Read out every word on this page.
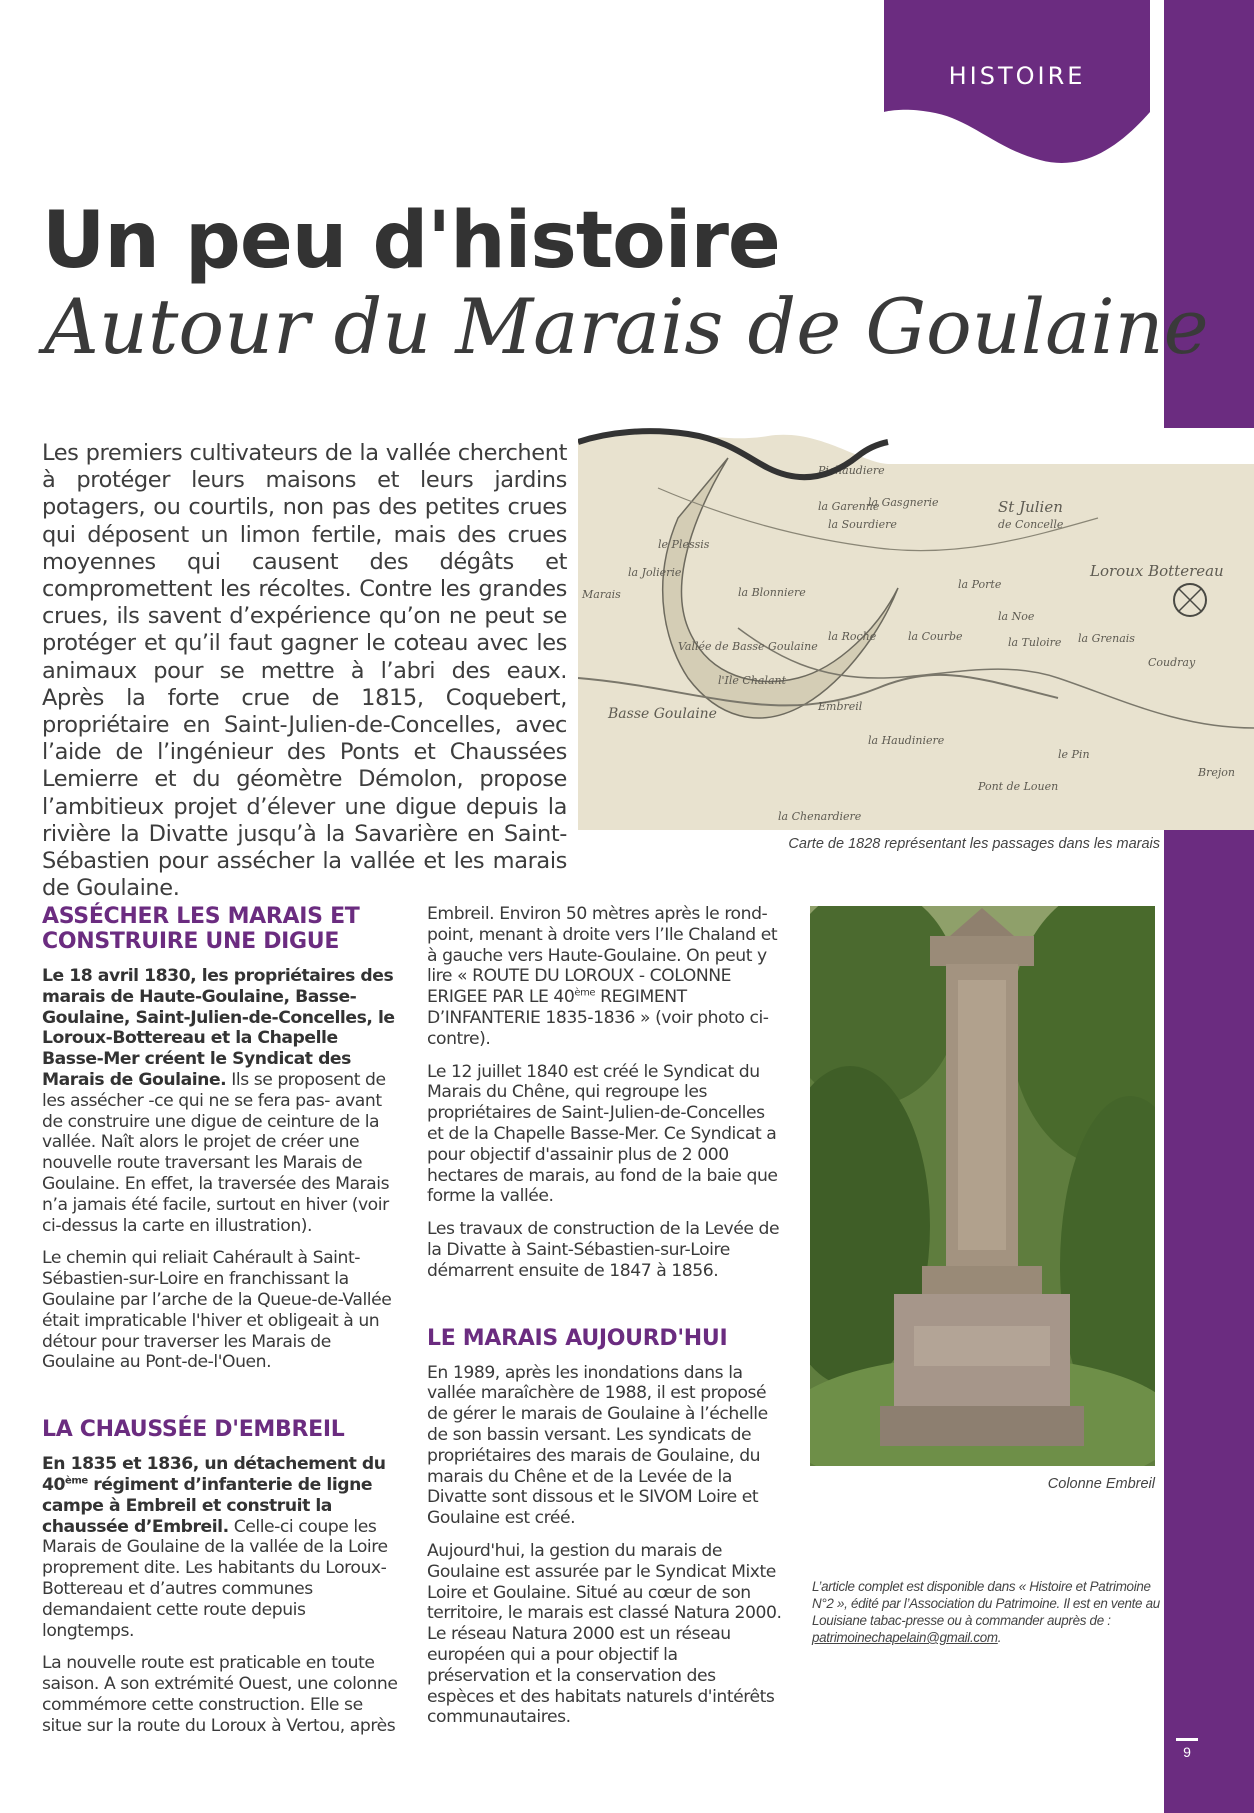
HISTOIRE
Un peu d'histoire
Autour du Marais de Goulaine

Les premiers cultivateurs de la vallée cherchent à protéger leurs maisons et leurs jardins potagers, ou courtils, non pas des petites crues qui déposent un limon fertile, mais des crues moyennes qui causent des dégâts et compromettent les récoltes. Contre les grandes crues, ils savent d’expérience qu’on ne peut se protéger et qu’il faut gagner le coteau avec les animaux pour se mettre à l’abri des eaux. Après la forte crue de 1815, Coquebert, propriétaire en Saint-Julien-de-Concelles, avec l’aide de l’ingénieur des Ponts et Chaussées Lemierre et du géomètre Démolon, propose l’ambitieux projet d’élever une digue depuis la rivière la Divatte jusqu’à la Savarière en Saint-Sébastien pour assécher la vallée et les marais de Goulaine.

Pichaudiere
la Gasgnerie	St Julien
de Concelle
Loroux Bottereau
la Blonniere
Vallée de Basse Goulaine
Basse Goulaine
l'Ile Chalant
Embreil
la Haudiniere
la Chenardiere
la Roche	la Courbe
la Garenne
la Sourdiere
le Plessis
Marais
la Jolierie
la Grenais
la Tuloire
la Noe
Pont de Louen
la Porte
le Pin
Coudray
Brejon
Carte de 1828 représentant les passages dans les marais
ASSÉCHER LES MARAIS ET CONSTRUIRE UNE DIGUE

Le 18 avril 1830, les propriétaires des marais de Haute-Goulaine, Basse-Goulaine, Saint-Julien-de-Concelles, le Loroux-Bottereau et la Chapelle Basse-Mer créent le Syndicat des Marais de Goulaine. Ils se proposent de les assécher -ce qui ne se fera pas- avant de construire une digue de ceinture de la vallée. Naît alors le projet de créer une nouvelle route traversant les Marais de Goulaine. En effet, la traversée des Marais n’a jamais été facile, surtout en hiver (voir ci-dessus la carte en illustration).

Le chemin qui reliait Cahérault à Saint-Sébastien-sur-Loire en franchissant la Goulaine par l’arche de la Queue-de-Vallée était impraticable l'hiver et obligeait à un détour pour traverser les Marais de Goulaine au Pont-de-l'Ouen.

LA CHAUSSÉE D'EMBREIL

En 1835 et 1836, un détachement du 40ème régiment d’infanterie de ligne campe à Embreil et construit la chaussée d’Embreil. Celle-ci coupe les Marais de Goulaine de la vallée de la Loire proprement dite. Les habitants du Loroux-Bottereau et d’autres communes demandaient cette route depuis longtemps.

La nouvelle route est praticable en toute saison. A son extrémité Ouest, une colonne commémore cette construction. Elle se situe sur la route du Loroux à Vertou, après

Embreil. Environ 50 mètres après le rond-point, menant à droite vers l’Ile Chaland et à gauche vers Haute-Goulaine. On peut y lire « ROUTE DU LOROUX - COLONNE ERIGEE PAR LE 40ème REGIMENT D’INFANTERIE 1835-1836 » (voir photo ci-contre).

Le 12 juillet 1840 est créé le Syndicat du Marais du Chêne, qui regroupe les propriétaires de Saint-Julien-de-Concelles et de la Chapelle Basse-Mer. Ce Syndicat a pour objectif d'assainir plus de 2 000 hectares de marais, au fond de la baie que forme la vallée.

Les travaux de construction de la Levée de la Divatte à Saint-Sébastien-sur-Loire démarrent ensuite de 1847 à 1856.

LE MARAIS AUJOURD'HUI

En 1989, après les inondations dans la vallée maraîchère de 1988, il est proposé de gérer le marais de Goulaine à l’échelle de son bassin versant. Les syndicats de propriétaires des marais de Goulaine, du marais du Chêne et de la Levée de la Divatte sont dissous et le SIVOM Loire et Goulaine est créé.

Aujourd'hui, la gestion du marais de Goulaine est assurée par le Syndicat Mixte Loire et Goulaine. Situé au cœur de son territoire, le marais est classé Natura 2000. Le réseau Natura 2000 est un réseau européen qui a pour objectif la préservation et la conservation des espèces et des habitats naturels d'intérêts communautaires.

Colonne Embreil
L’article complet est disponible dans « Histoire et Patrimoine N°2 », édité par l’Association du Patrimoine. Il est en vente au Louisiane tabac-presse ou à commander auprès de : patrimoinechapelain@gmail.com.
9
